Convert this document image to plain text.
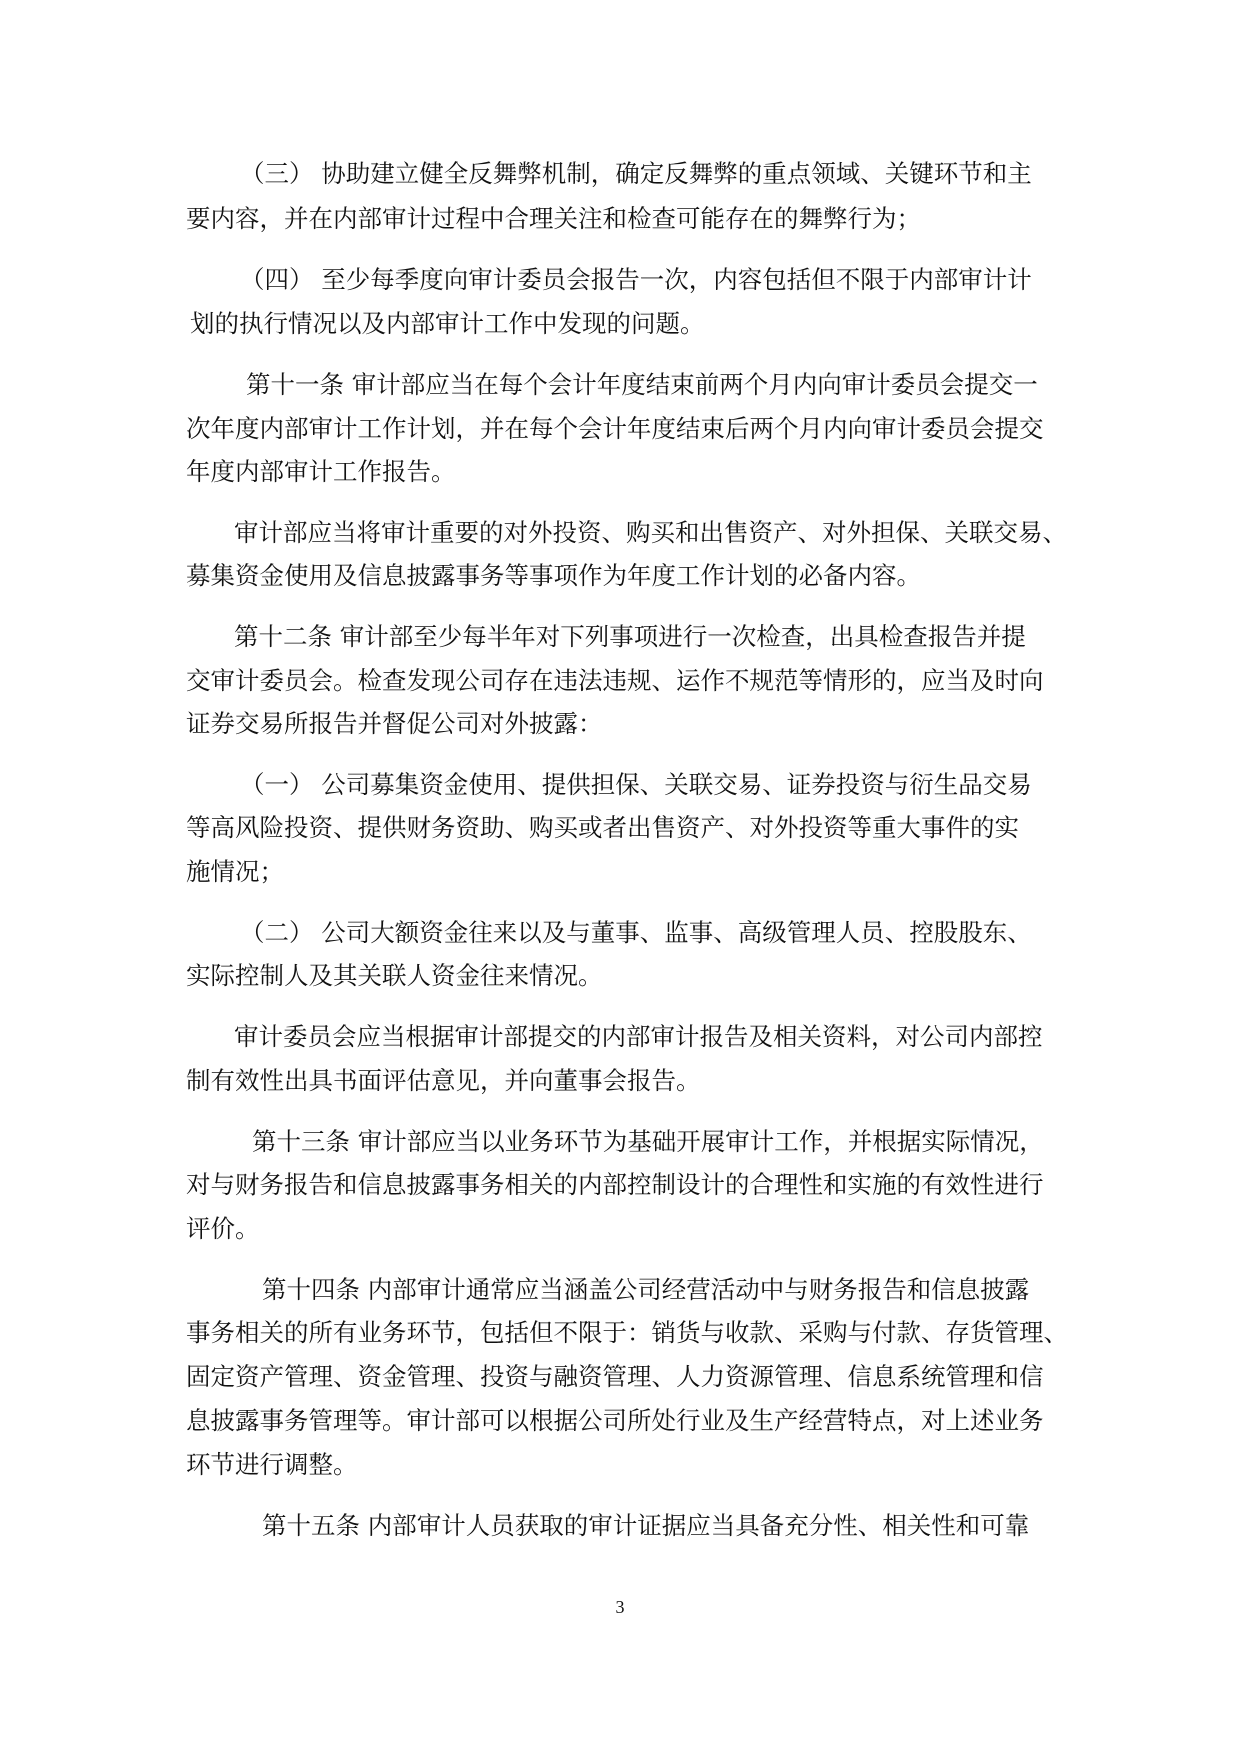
（三） 协助建立健全反舞弊机制，确定反舞弊的重点领域、关键环节和主
要内容，并在内部审计过程中合理关注和检查可能存在的舞弊行为；
（四） 至少每季度向审计委员会报告一次，内容包括但不限于内部审计计
划的执行情况以及内部审计工作中发现的问题。
第十一条 审计部应当在每个会计年度结束前两个月内向审计委员会提交一
次年度内部审计工作计划，并在每个会计年度结束后两个月内向审计委员会提交
年度内部审计工作报告。
审计部应当将审计重要的对外投资、购买和出售资产、对外担保、关联交易、
募集资金使用及信息披露事务等事项作为年度工作计划的必备内容。
第十二条 审计部至少每半年对下列事项进行一次检查，出具检查报告并提
交审计委员会。检查发现公司存在违法违规、运作不规范等情形的，应当及时向
证券交易所报告并督促公司对外披露：
（一） 公司募集资金使用、提供担保、关联交易、证券投资与衍生品交易
等高风险投资、提供财务资助、购买或者出售资产、对外投资等重大事件的实
施情况；
（二） 公司大额资金往来以及与董事、监事、高级管理人员、控股股东、
实际控制人及其关联人资金往来情况。
审计委员会应当根据审计部提交的内部审计报告及相关资料，对公司内部控
制有效性出具书面评估意见，并向董事会报告。
第十三条 审计部应当以业务环节为基础开展审计工作，并根据实际情况，
对与财务报告和信息披露事务相关的内部控制设计的合理性和实施的有效性进行
评价。
第十四条 内部审计通常应当涵盖公司经营活动中与财务报告和信息披露
事务相关的所有业务环节，包括但不限于：销货与收款、采购与付款、存货管理、
固定资产管理、资金管理、投资与融资管理、人力资源管理、信息系统管理和信
息披露事务管理等。审计部可以根据公司所处行业及生产经营特点，对上述业务
环节进行调整。
第十五条 内部审计人员获取的审计证据应当具备充分性、相关性和可靠
3
